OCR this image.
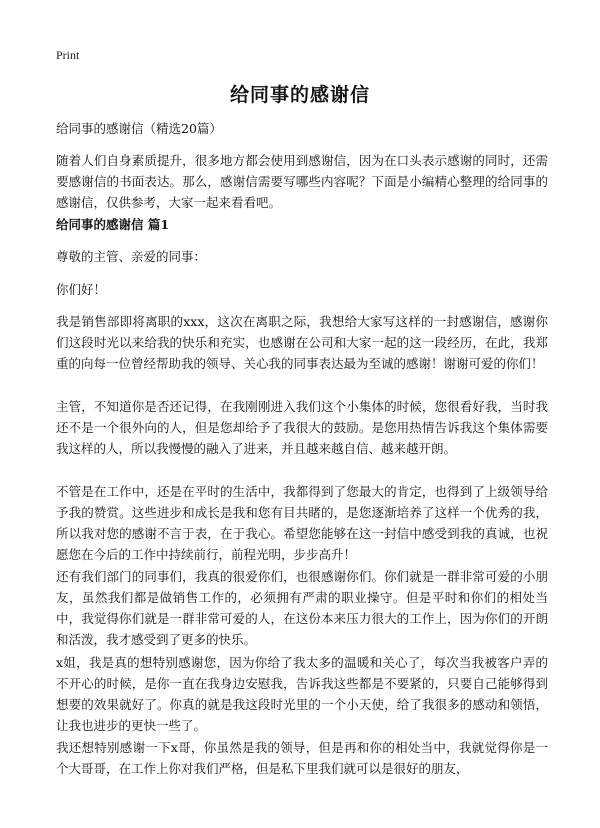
Print
给同事的感谢信
给同事的感谢信（精选20篇）
随着人们自身素质提升，很多地方都会使用到感谢信，因为在口头表示感谢的同时，还需要感谢信的书面表达。那么，感谢信需要写哪些内容呢？下面是小编精心整理的给同事的感谢信，仅供参考，大家一起来看看吧。
给同事的感谢信 篇1
尊敬的主管、亲爱的同事：
你们好！
我是销售部即将离职的xxx，这次在离职之际，我想给大家写这样的一封感谢信，感谢你们这段时光以来给我的快乐和充实，也感谢在公司和大家一起的这一段经历，在此，我郑重的向每一位曾经帮助我的领导、关心我的同事表达最为至诚的感谢！谢谢可爱的你们！
主管，不知道你是否还记得，在我刚刚进入我们这个小集体的时候，您很看好我，当时我还不是一个很外向的人，但是您却给予了我很大的鼓励。是您用热情告诉我这个集体需要我这样的人，所以我慢慢的融入了进来，并且越来越自信、越来越开朗。
不管是在工作中，还是在平时的生活中，我都得到了您最大的肯定，也得到了上级领导给予我的赞赏。这些进步和成长是我和您有目共睹的，是您逐渐培养了这样一个优秀的我，所以我对您的感谢不言于表，在于我心。希望您能够在这一封信中感受到我的真诚，也祝愿您在今后的工作中持续前行，前程光明，步步高升！
还有我们部门的同事们，我真的很爱你们，也很感谢你们。你们就是一群非常可爱的小朋友，虽然我们都是做销售工作的，必须拥有严肃的职业操守。但是平时和你们的相处当中，我觉得你们就是一群非常可爱的人，在这份本来压力很大的工作上，因为你们的开朗和活泼，我才感受到了更多的快乐。
x姐，我是真的想特别感谢您，因为你给了我太多的温暖和关心了，每次当我被客户弄的不开心的时候，是你一直在我身边安慰我，告诉我这些都是不要紧的，只要自己能够得到想要的效果就好了。你真的就是我这段时光里的一个小天使，给了我很多的感动和领悟，让我也进步的更快一些了。
我还想特别感谢一下x哥，你虽然是我的领导，但是再和你的相处当中，我就觉得你是一个大哥哥，在工作上你对我们严格，但是私下里我们就可以是很好的朋友，
